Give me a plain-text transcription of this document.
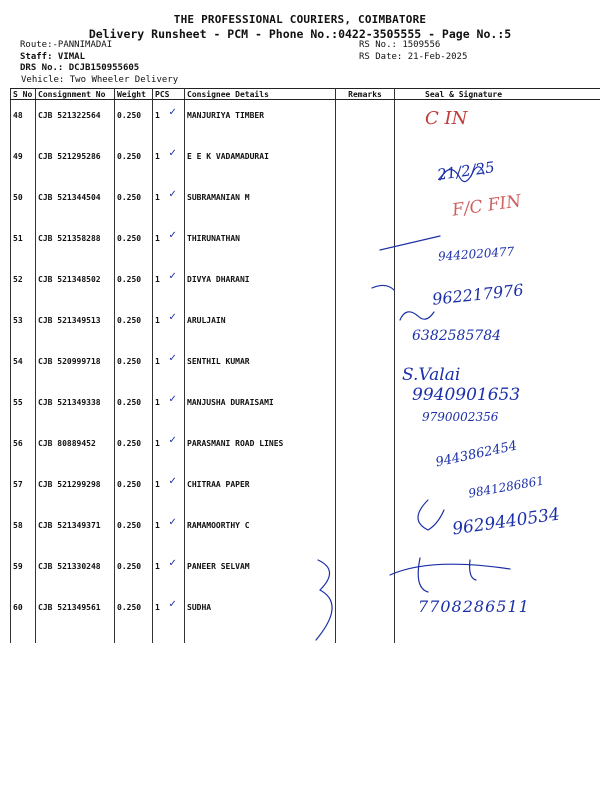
THE PROFESSIONAL COURIERS, COIMBATORE
Delivery Runsheet - PCM - Phone No.:0422-3505555 - Page No.:5
Route:-PANNIMADAI
Staff: VIMAL
DRS No.: DCJB150955605
Vehicle: Two Wheeler Delivery
RS No.: 1509556
RS Date: 21-Feb-2025
S No	Consignment No	Weight	PCS	Consignee Details	Remarks	Seal & Signature
48	CJB 521322564	0.250	1	MANJURIYA TIMBER		
49	CJB 521295286	0.250	1	E E K VADAMADURAI		
50	CJB 521344504	0.250	1	SUBRAMANIAN M		
51	CJB 521358288	0.250	1	THIRUNATHAN		
52	CJB 521348502	0.250	1	DIVYA DHARANI		
53	CJB 521349513	0.250	1	ARULJAIN		
54	CJB 520999718	0.250	1	SENTHIL KUMAR		
55	CJB 521349338	0.250	1	MANJUSHA DURAISAMI		
56	CJB 80889452	0.250	1	PARASMANI ROAD LINES		
57	CJB 521299298	0.250	1	CHITRAA PAPER		
58	CJB 521349371	0.250	1	RAMAMOORTHY C		
59	CJB 521330248	0.250	1	PANEER SELVAM		
60	CJB 521349561	0.250	1	SUDHA		
C IN
21/2/25
F/C FIN
9442020477
962217976
6382585784
S.Valai
9940901653
9790002356
9443862454
9841286861
9629440534
7708286511
✓
✓
✓
✓
✓
✓
✓
✓
✓
✓
✓
✓
✓
